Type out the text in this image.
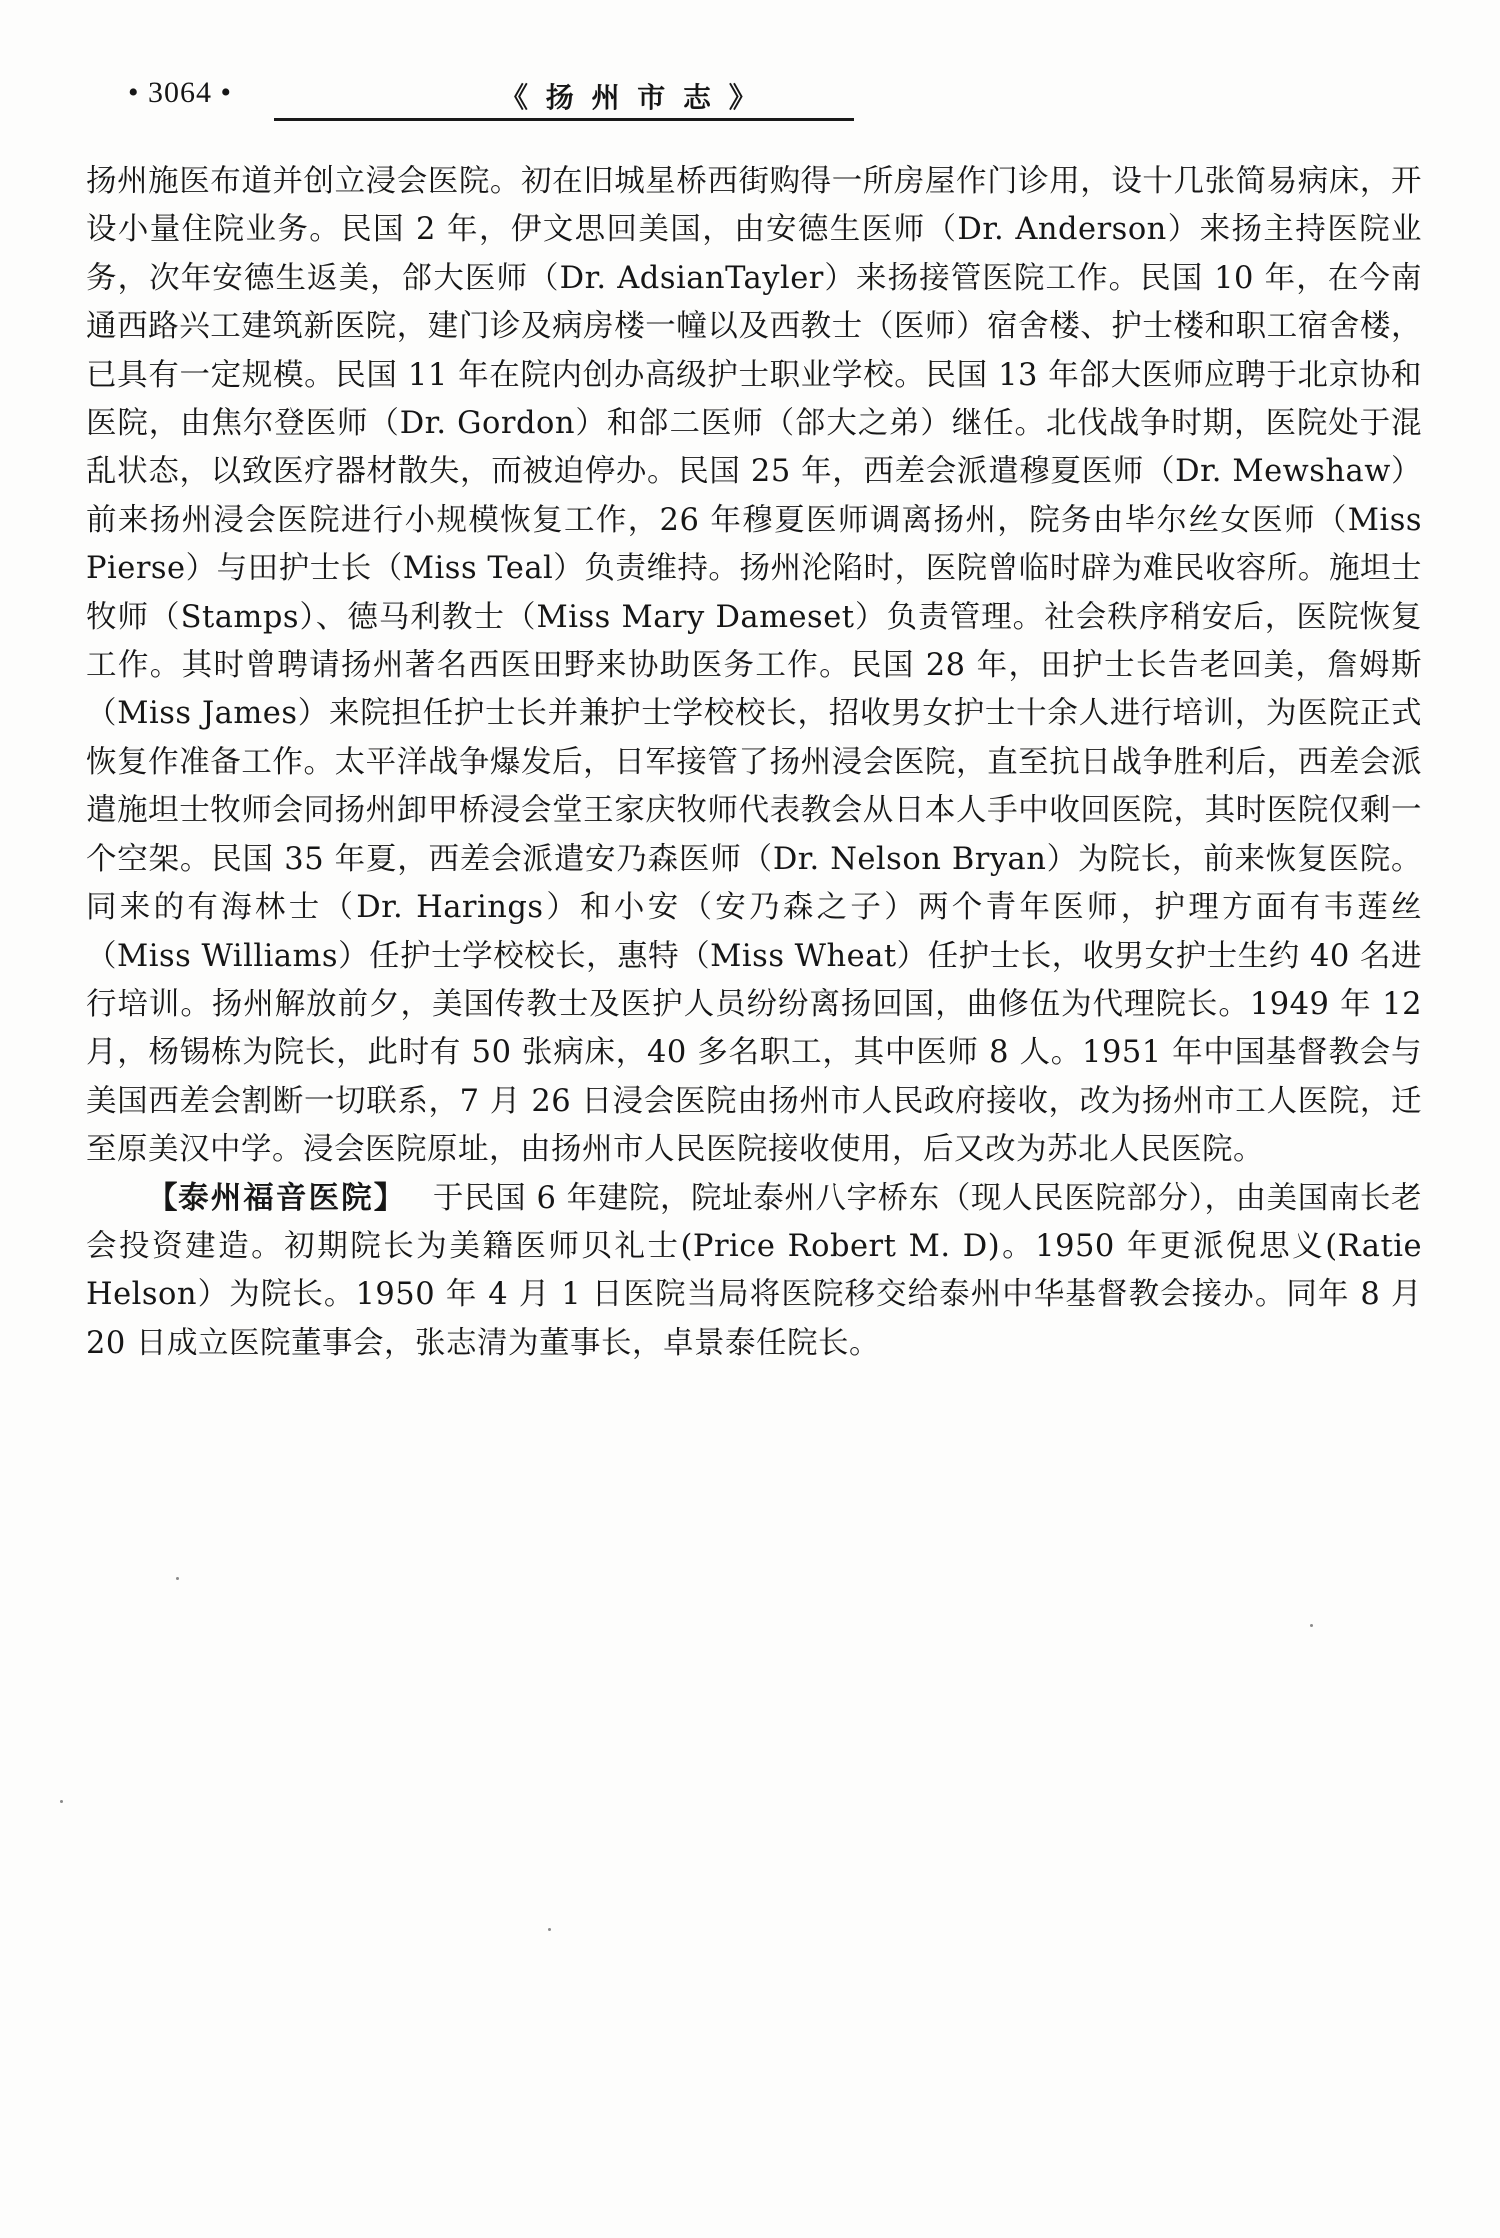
• 3064 •	《 扬 州 市 志 》

扬州施医布道并创立浸会医院。初在旧城星桥西街购得一所房屋作门诊用，设十几张简易病床，开设小量住院业务。民国 2 年，伊文思回美国，由安德生医师（Dr. Anderson）来扬主持医院业务，次年安德生返美，郃大医师（Dr. AdsianTayler）来扬接管医院工作。民国 10 年，在今南通西路兴工建筑新医院，建门诊及病房楼一幢以及西教士（医师）宿舍楼、护士楼和职工宿舍楼，已具有一定规模。民国 11 年在院内创办高级护士职业学校。民国 13 年郃大医师应聘于北京协和医院，由焦尔登医师（Dr. Gordon）和郃二医师（郃大之弟）继任。北伐战争时期，医院处于混乱状态，以致医疗器材散失，而被迫停办。民国 25 年，西差会派遣穆夏医师（Dr. Mewshaw）前来扬州浸会医院进行小规模恢复工作，26 年穆夏医师调离扬州，院务由毕尔丝女医师（Miss Pierse）与田护士长（Miss Teal）负责维持。扬州沦陷时，医院曾临时辟为难民收容所。施坦士牧师（Stamps）、德马利教士（Miss Mary Dameset）负责管理。社会秩序稍安后，医院恢复工作。其时曾聘请扬州著名西医田野来协助医务工作。民国 28 年，田护士长告老回美，詹姆斯（Miss James）来院担任护士长并兼护士学校校长，招收男女护士十余人进行培训，为医院正式恢复作准备工作。太平洋战争爆发后，日军接管了扬州浸会医院，直至抗日战争胜利后，西差会派遣施坦士牧师会同扬州卸甲桥浸会堂王家庆牧师代表教会从日本人手中收回医院，其时医院仅剩一个空架。民国 35 年夏，西差会派遣安乃森医师（Dr. Nelson Bryan）为院长，前来恢复医院。同来的有海林士（Dr. Harings）和小安（安乃森之子）两个青年医师，护理方面有韦莲丝（Miss Williams）任护士学校校长，惠特（Miss Wheat）任护士长，收男女护士生约 40 名进行培训。扬州解放前夕，美国传教士及医护人员纷纷离扬回国，曲修伍为代理院长。1949 年 12 月，杨锡栋为院长，此时有 50 张病床，40 多名职工，其中医师 8 人。1951 年中国基督教会与美国西差会割断一切联系，7 月 26 日浸会医院由扬州市人民政府接收，改为扬州市工人医院，迁至原美汉中学。浸会医院原址，由扬州市人民医院接收使用，后又改为苏北人民医院。

【泰州福音医院】 于民国 6 年建院，院址泰州八字桥东（现人民医院部分），由美国南长老会投资建造。初期院长为美籍医师贝礼士(Price Robert M. D)。1950 年更派倪思义(Ratie Helson）为院长。1950 年 4 月 1 日医院当局将医院移交给泰州中华基督教会接办。同年 8 月 20 日成立医院董事会，张志清为董事长，卓景泰任院长。
